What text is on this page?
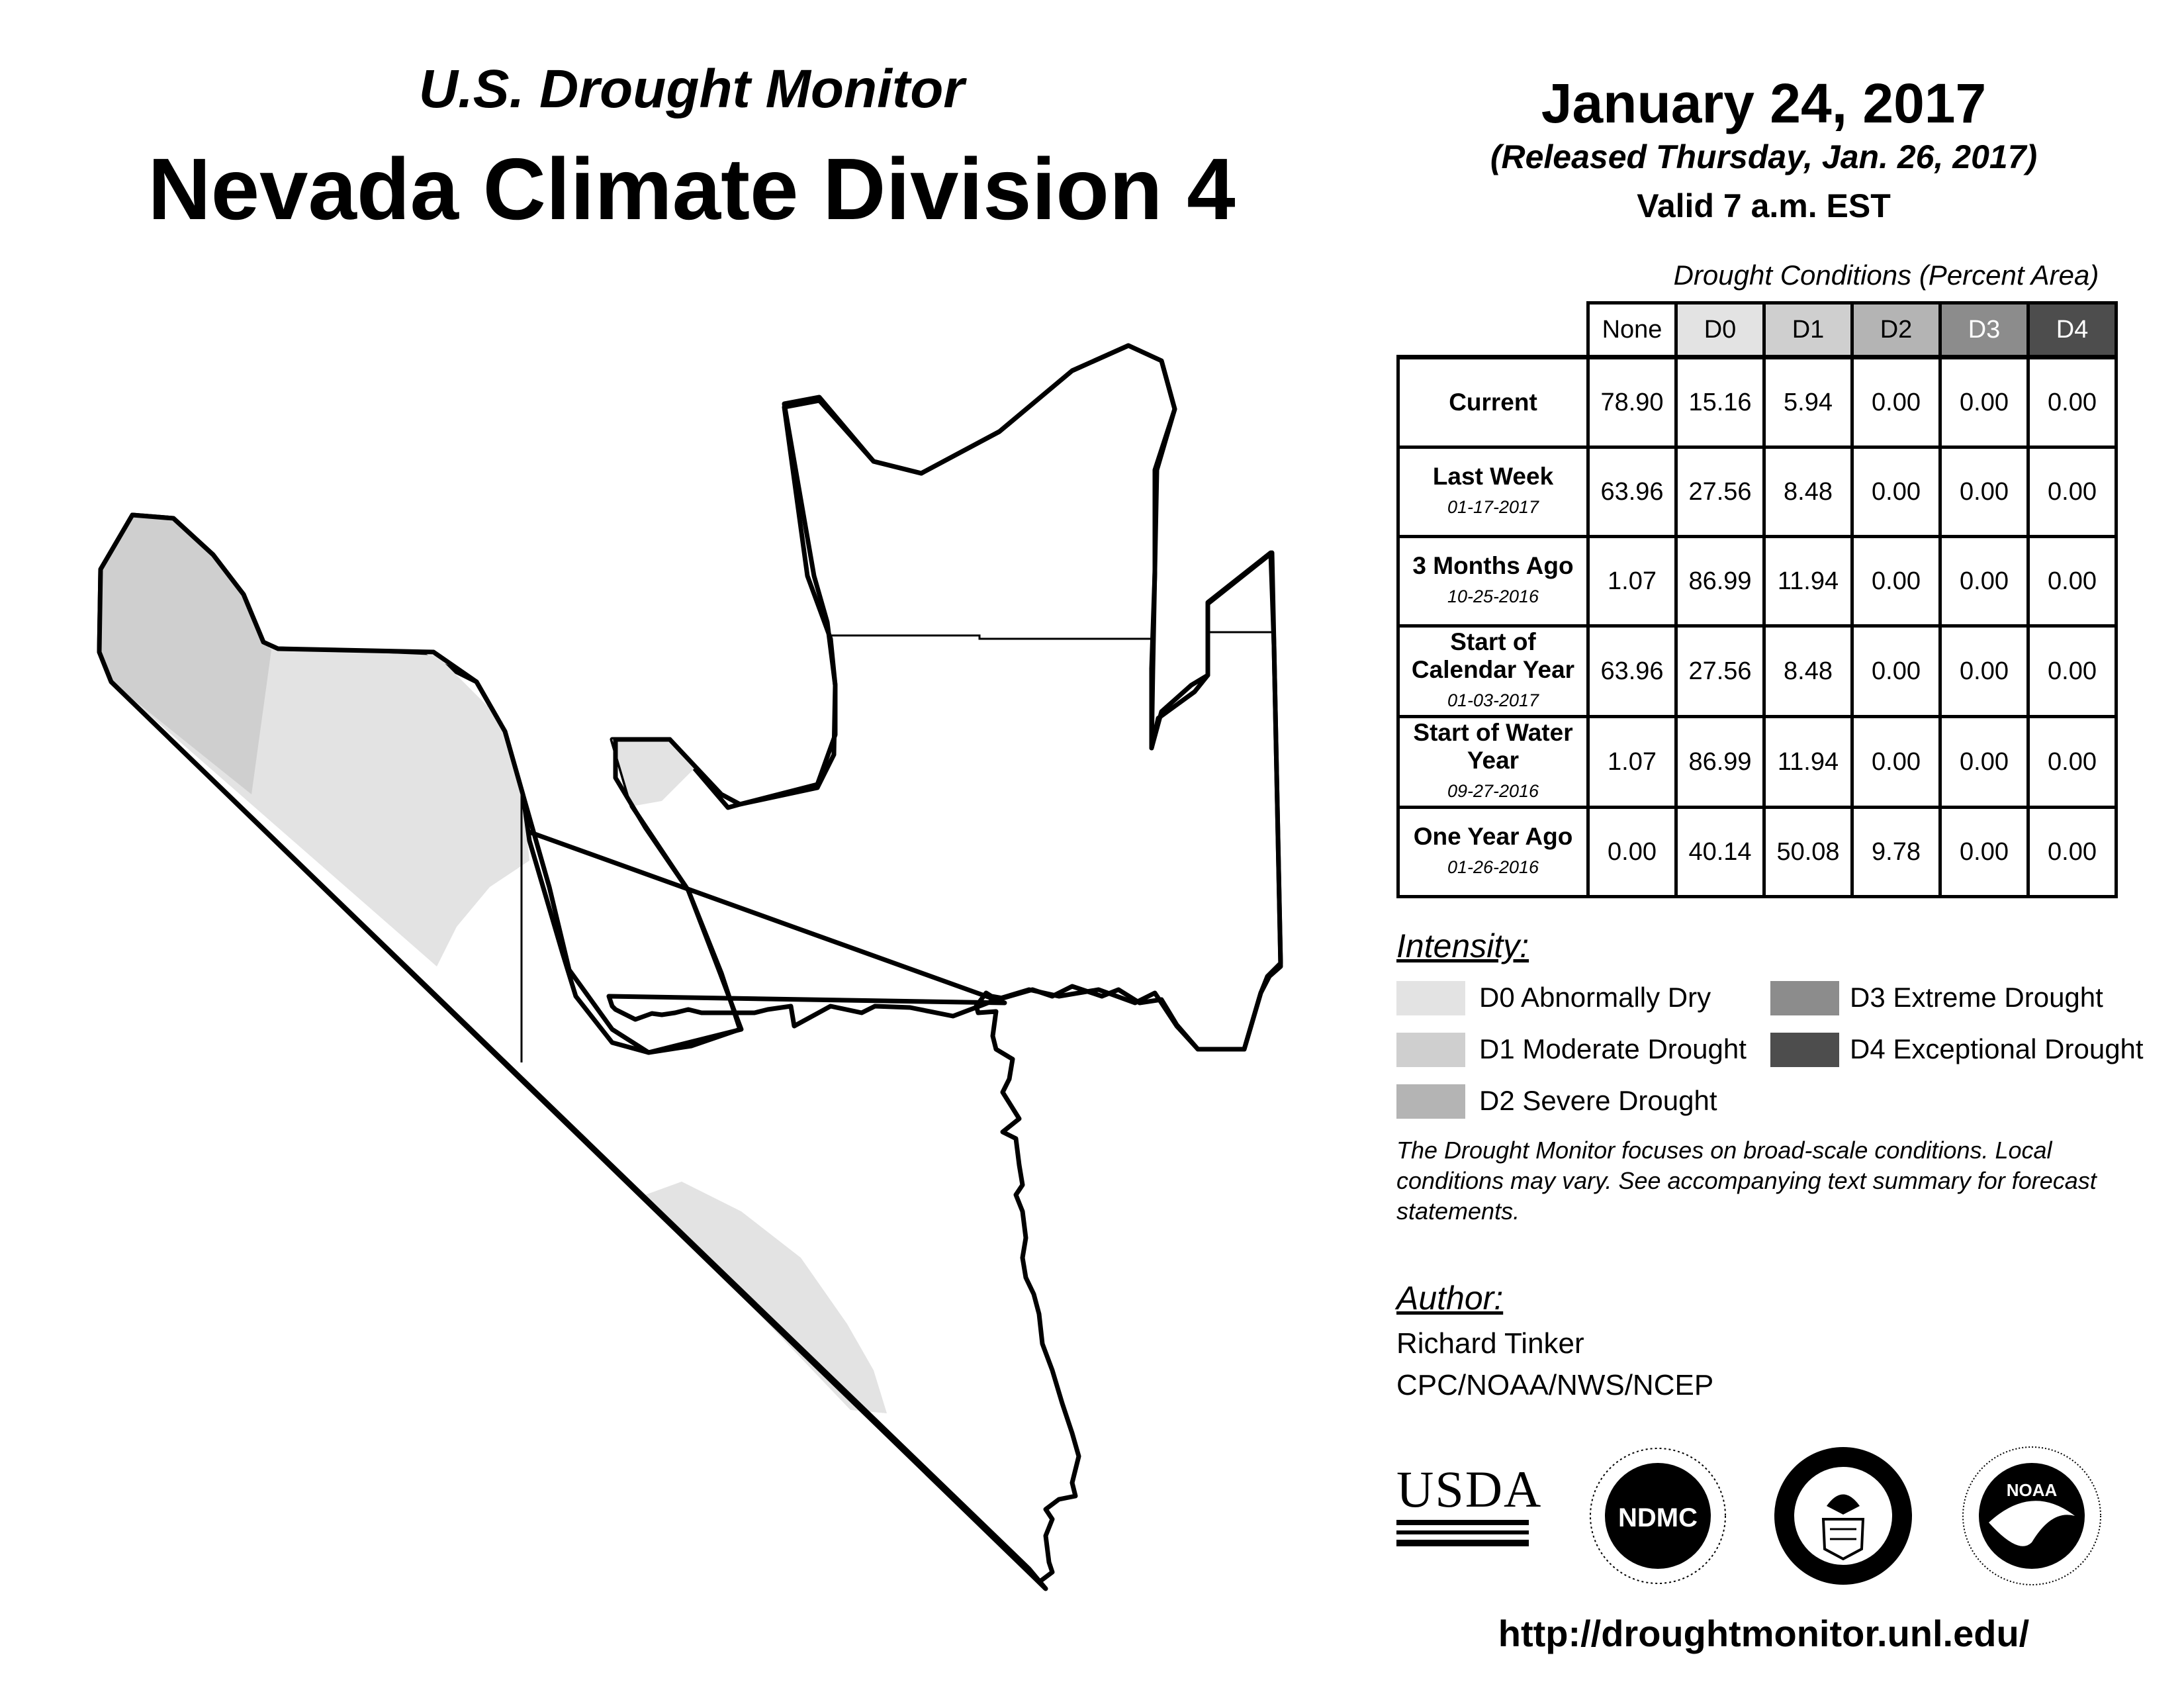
U.S. Drought Monitor
Nevada Climate Division 4
January 24, 2017
(Released Thursday, Jan. 26, 2017)
Valid 7 a.m. EST
Drought Conditions (Percent Area)
	None	D0	D1	D2	D3	D4
Current	78.90	15.16	5.94	0.00	0.00	0.00
Last Week
01-17-2017	63.96	27.56	8.48	0.00	0.00	0.00
3 Months Ago
10-25-2016	1.07	86.99	11.94	0.00	0.00	0.00
Start of Calendar Year
01-03-2017	63.96	27.56	8.48	0.00	0.00	0.00
Start of Water Year
09-27-2016	1.07	86.99	11.94	0.00	0.00	0.00
One Year Ago
01-26-2016	0.00	40.14	50.08	9.78	0.00	0.00
Intensity:
D0 Abnormally Dry
D1 Moderate Drought
D2 Severe Drought
D3 Extreme Drought
D4 Exceptional Drought
The Drought Monitor focuses on broad-scale conditions. Local conditions may vary. See accompanying text summary for forecast statements.
Author:
Richard Tinker
CPC/NOAA/NWS/NCEP
USDA	NDMC
NOAA
http://droughtmonitor.unl.edu/
